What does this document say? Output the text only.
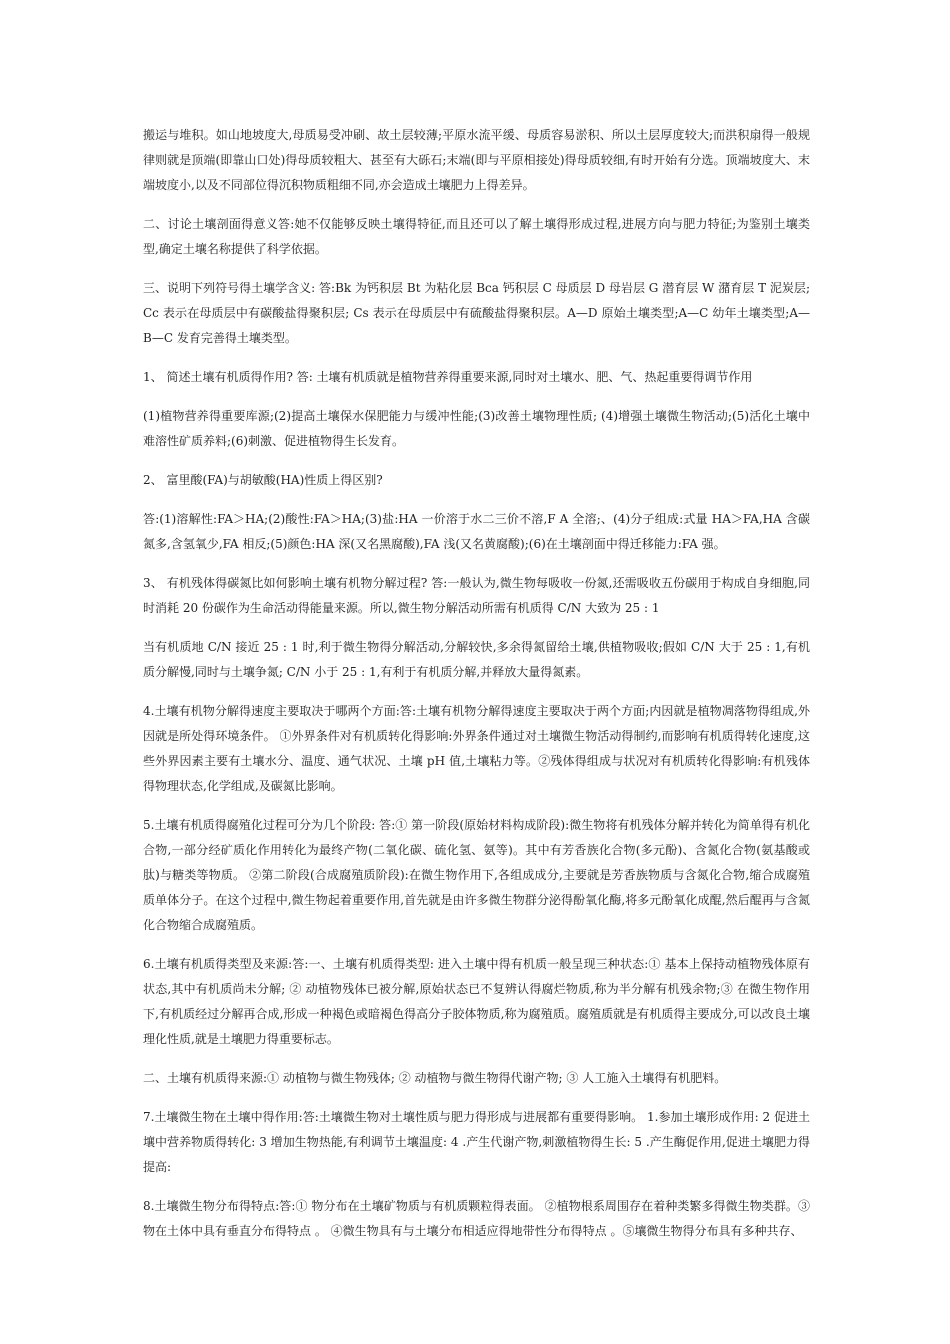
搬运与堆积。如山地坡度大,母质易受冲刷、故土层较薄;平原水流平缓、母质容易淤积、所以土层厚度较大;而洪积扇得一般规律则就是顶端(即靠山口处)得母质较粗大、甚至有大砾石;末端(即与平原相接处)得母质较细,有时开始有分选。顶端坡度大、末端坡度小,以及不同部位得沉积物质粗细不同,亦会造成土壤肥力上得差异。

二、讨论土壤剖面得意义答:她不仅能够反映土壤得特征,而且还可以了解土壤得形成过程,进展方向与肥力特征;为鉴别土壤类型,确定土壤名称提供了科学依据。

三、说明下列符号得土壤学含义: 答:Bk 为钙积层 Bt 为粘化层 Bca 钙积层 C 母质层 D 母岩层 G 潜育层 W 潴育层 T 泥炭层;Cc 表示在母质层中有碳酸盐得聚积层; Cs 表示在母质层中有硫酸盐得聚积层。A—D 原始土壤类型;A—C 幼年土壤类型;A—B—C 发育完善得土壤类型。

1、 简述土壤有机质得作用? 答: 土壤有机质就是植物营养得重要来源,同时对土壤水、肥、气、热起重要得调节作用

(1)植物营养得重要库源;(2)提高土壤保水保肥能力与缓冲性能;(3)改善土壤物理性质; (4)增强土壤微生物活动;(5)活化土壤中难溶性矿质养料;(6)刺激、促进植物得生长发育。

2、 富里酸(FA)与胡敏酸(HA)性质上得区别?

答:(1)溶解性:FA＞HA;(2)酸性:FA＞HA;(3)盐:HA 一价溶于水二三价不溶,F A 全溶;、(4)分子组成:式量 HA＞FA,HA 含碳氮多,含氢氧少,FA 相反;(5)颜色:HA 深(又名黑腐酸),FA 浅(又名黄腐酸);(6)在土壤剖面中得迁移能力:FA 强。

3、 有机残体得碳氮比如何影响土壤有机物分解过程? 答:一般认为,微生物每吸收一份氮,还需吸收五份碳用于构成自身细胞,同时消耗 20 份碳作为生命活动得能量来源。所以,微生物分解活动所需有机质得 C/N 大致为 25 : 1

当有机质地 C/N 接近 25 : 1 时,利于微生物得分解活动,分解较快,多余得氮留给土壤,供植物吸收;假如 C/N 大于 25 : 1,有机质分解慢,同时与土壤争氮; C/N 小于 25 : 1,有利于有机质分解,并释放大量得氮素。

4.土壤有机物分解得速度主要取决于哪两个方面:答:土壤有机物分解得速度主要取决于两个方面;内因就是植物凋落物得组成,外因就是所处得环境条件。 ①外界条件对有机质转化得影响:外界条件通过对土壤微生物活动得制约,而影响有机质得转化速度,这些外界因素主要有土壤水分、温度、通气状况、土壤 pH 值,土壤粘力等。②残体得组成与状况对有机质转化得影响:有机残体得物理状态,化学组成,及碳氮比影响。

5.土壤有机质得腐殖化过程可分为几个阶段: 答:① 第一阶段(原始材料构成阶段):微生物将有机残体分解并转化为简单得有机化合物,一部分经矿质化作用转化为最终产物(二氧化碳、硫化氢、氨等)。其中有芳香族化合物(多元酚)、含氮化合物(氨基酸或肽)与糖类等物质。 ②第二阶段(合成腐殖质阶段):在微生物作用下,各组成成分,主要就是芳香族物质与含氮化合物,缩合成腐殖质单体分子。在这个过程中,微生物起着重要作用,首先就是由许多微生物群分泌得酚氧化酶,将多元酚氧化成醌,然后醌再与含氮化合物缩合成腐殖质。

6.土壤有机质得类型及来源:答:一、土壤有机质得类型: 进入土壤中得有机质一般呈现三种状态:① 基本上保持动植物残体原有状态,其中有机质尚未分解; ② 动植物残体已被分解,原始状态已不复辨认得腐烂物质,称为半分解有机残余物;③ 在微生物作用下,有机质经过分解再合成,形成一种褐色或暗褐色得高分子胶体物质,称为腐殖质。腐殖质就是有机质得主要成分,可以改良土壤理化性质,就是土壤肥力得重要标志。

二、土壤有机质得来源:① 动植物与微生物残体; ② 动植物与微生物得代谢产物; ③ 人工施入土壤得有机肥料。

7.土壤微生物在土壤中得作用:答:土壤微生物对土壤性质与肥力得形成与进展都有重要得影响。 1.参加土壤形成作用: 2 促进土壤中营养物质得转化: 3 增加生物热能,有利调节土壤温度: 4 .产生代谢产物,刺激植物得生长: 5 .产生酶促作用,促进土壤肥力得提高:

8.土壤微生物分布得特点:答:① 物分布在土壤矿物质与有机质颗粒得表面。 ②植物根系周围存在着种类繁多得微生物类群。③物在土体中具有垂直分布得特点 。 ④微生物具有与土壤分布相适应得地带性分布得特点 。⑤壤微生物得分布具有多种共存、
